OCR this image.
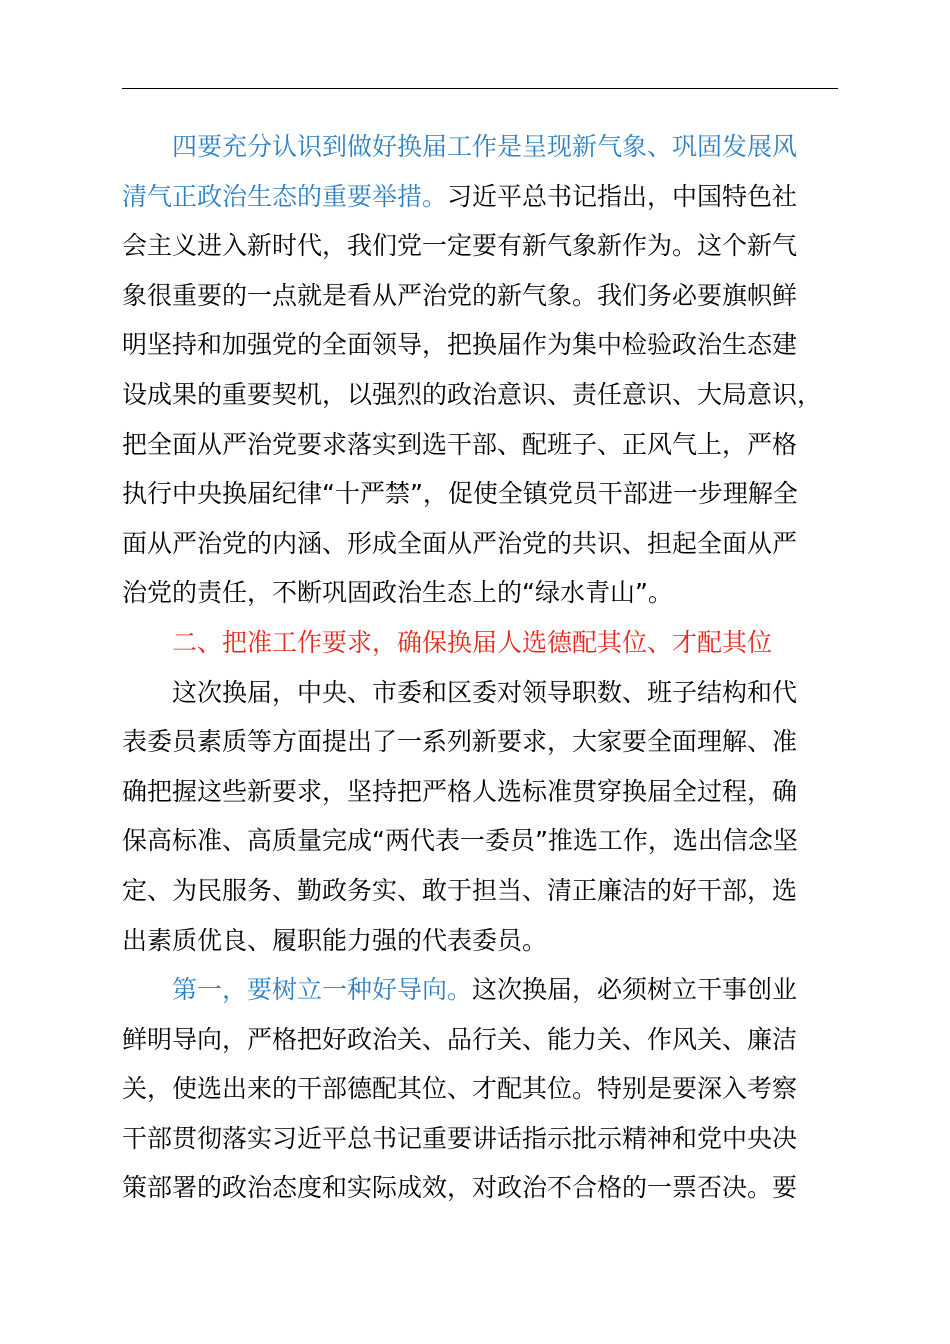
四要充分认识到做好换届工作是呈现新气象、巩固发展风
清气正政治生态的重要举措。习近平总书记指出，中国特色社
会主义进入新时代，我们党一定要有新气象新作为。这个新气
象很重要的一点就是看从严治党的新气象。我们务必要旗帜鲜
明坚持和加强党的全面领导，把换届作为集中检验政治生态建
设成果的重要契机，以强烈的政治意识、责任意识、大局意识，
把全面从严治党要求落实到选干部、配班子、正风气上，严格
执行中央换届纪律“十严禁”，促使全镇党员干部进一步理解全
面从严治党的内涵、形成全面从严治党的共识、担起全面从严
治党的责任，不断巩固政治生态上的“绿水青山”。
二、把准工作要求，确保换届人选德配其位、才配其位
这次换届，中央、市委和区委对领导职数、班子结构和代
表委员素质等方面提出了一系列新要求，大家要全面理解、准
确把握这些新要求，坚持把严格人选标准贯穿换届全过程，确
保高标准、高质量完成“两代表一委员”推选工作，选出信念坚
定、为民服务、勤政务实、敢于担当、清正廉洁的好干部，选
出素质优良、履职能力强的代表委员。
第一，要树立一种好导向。这次换届，必须树立干事创业
鲜明导向，严格把好政治关、品行关、能力关、作风关、廉洁
关，使选出来的干部德配其位、才配其位。特别是要深入考察
干部贯彻落实习近平总书记重要讲话指示批示精神和党中央决
策部署的政治态度和实际成效，对政治不合格的一票否决。要
